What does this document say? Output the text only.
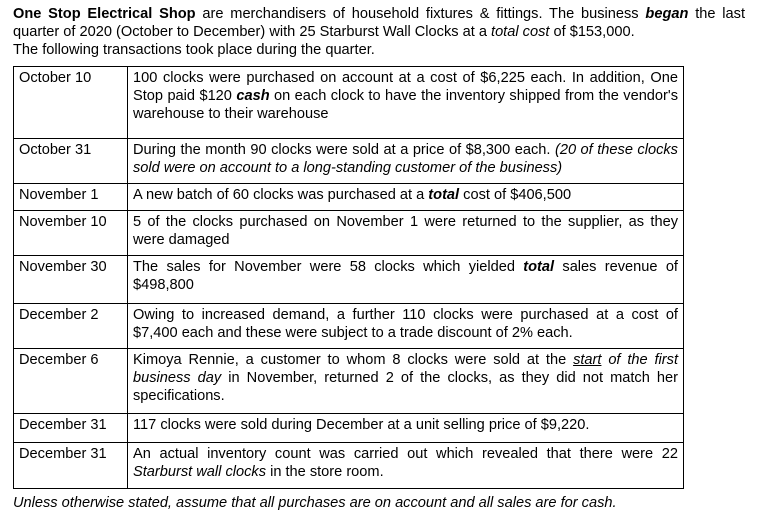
One Stop Electrical Shop are merchandisers of household fixtures & fittings. The business began the last quarter of 2020 (October to December) with 25 Starburst Wall Clocks at a total cost of $153,000.

The following transactions took place during the quarter.

October 10	100 clocks were purchased on account at a cost of $6,225 each. In addition, One Stop paid $120 cash on each clock to have the inventory shipped from the vendor's warehouse to their warehouse
October 31	During the month 90 clocks were sold at a price of $8,300 each. (20 of these clocks sold were on account to a long-standing customer of the business)
November 1	A new batch of 60 clocks was purchased at a total cost of $406,500
November 10	5 of the clocks purchased on November 1 were returned to the supplier, as they were damaged
November 30	The sales for November were 58 clocks which yielded total sales revenue of $498,800
December 2	Owing to increased demand, a further 110 clocks were purchased at a cost of $7,400 each and these were subject to a trade discount of 2% each.
December 6	Kimoya Rennie, a customer to whom 8 clocks were sold at the start of the first business day in November, returned 2 of the clocks, as they did not match her specifications.
December 31	117 clocks were sold during December at a unit selling price of $9,220.
December 31	An actual inventory count was carried out which revealed that there were 22 Starburst wall clocks in the store room.
Unless otherwise stated, assume that all purchases are on account and all sales are for cash.
